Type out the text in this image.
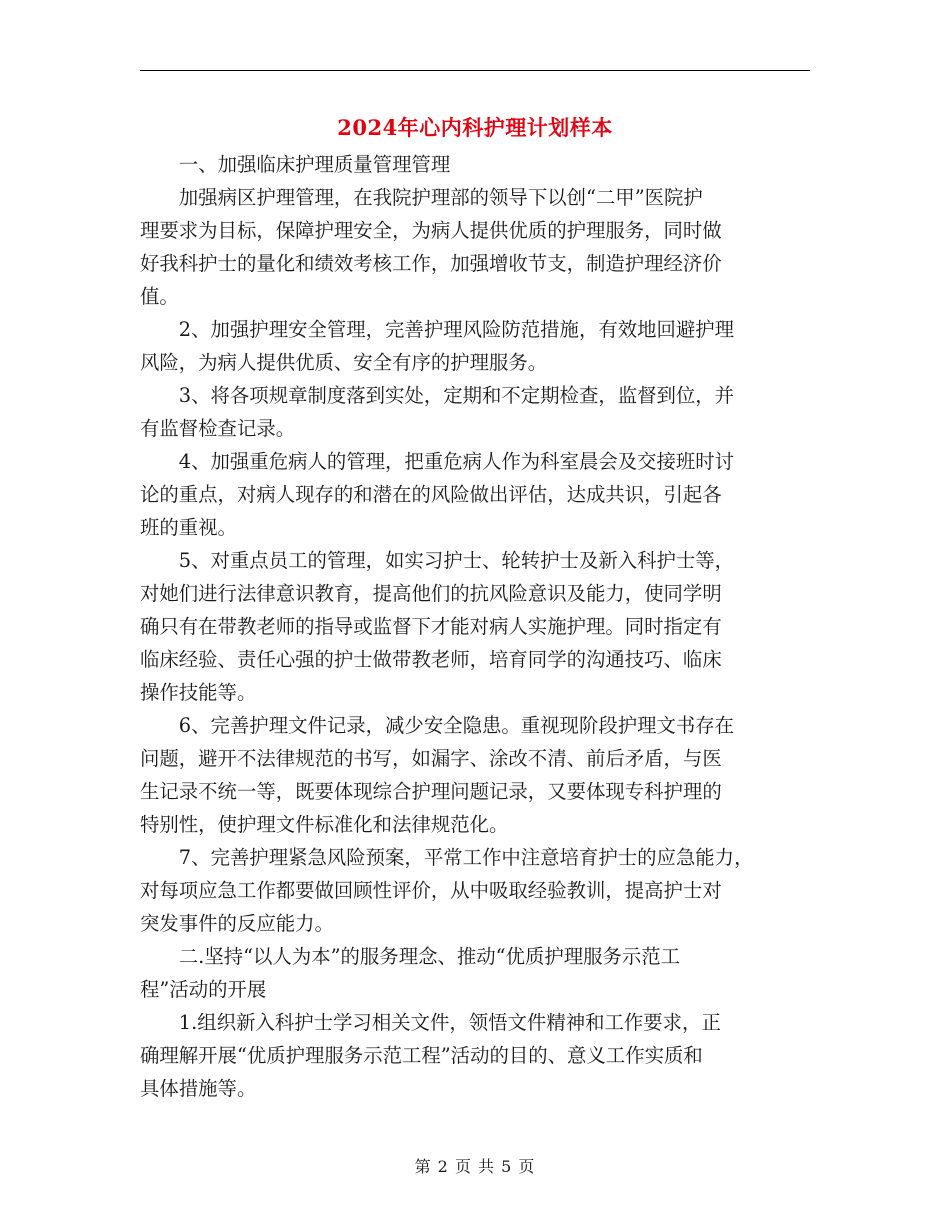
2024年心内科护理计划样本

一、加强临床护理质量管理管理

加强病区护理管理，在我院护理部的领导下以创“二甲”医院护
理要求为目标，保障护理安全，为病人提供优质的护理服务，同时做
好我科护士的量化和绩效考核工作，加强增收节支，制造护理经济价
值。

2、加强护理安全管理，完善护理风险防范措施，有效地回避护理
风险，为病人提供优质、安全有序的护理服务。

3、将各项规章制度落到实处，定期和不定期检查，监督到位，并
有监督检查记录。

4、加强重危病人的管理，把重危病人作为科室晨会及交接班时讨
论的重点，对病人现存的和潜在的风险做出评估，达成共识，引起各
班的重视。

5、对重点员工的管理，如实习护士、轮转护士及新入科护士等，
对她们进行法律意识教育，提高他们的抗风险意识及能力，使同学明
确只有在带教老师的指导或监督下才能对病人实施护理。同时指定有
临床经验、责任心强的护士做带教老师，培育同学的沟通技巧、临床
操作技能等。

6、完善护理文件记录，减少安全隐患。重视现阶段护理文书存在
问题，避开不法律规范的书写，如漏字、涂改不清、前后矛盾，与医
生记录不统一等，既要体现综合护理问题记录，又要体现专科护理的
特别性，使护理文件标准化和法律规范化。

7、完善护理紧急风险预案，平常工作中注意培育护士的应急能力，
对每项应急工作都要做回顾性评价，从中吸取经验教训，提高护士对
突发事件的反应能力。

二.坚持“以人为本”的服务理念、推动“优质护理服务示范工
程”活动的开展

1.组织新入科护士学习相关文件，领悟文件精神和工作要求，正
确理解开展“优质护理服务示范工程”活动的目的、意义工作实质和
具体措施等。

第 2 页 共 5 页
